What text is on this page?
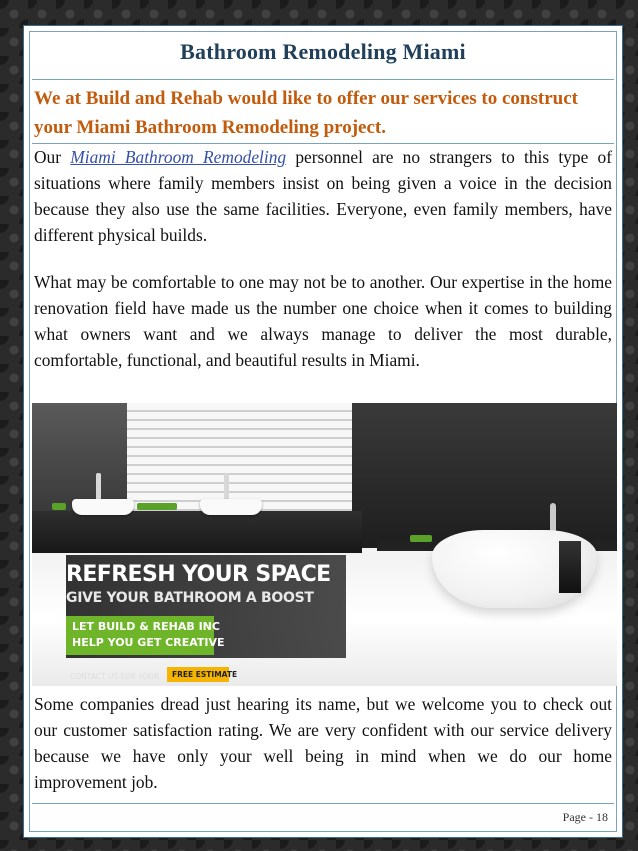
Bathroom Remodeling Miami

We at Build and Rehab would like to offer our services to construct your Miami Bathroom Remodeling project.

Our Miami Bathroom Remodeling personnel are no strangers to this type of situations where family members insist on being given a voice in the decision because they also use the same facilities. Everyone, even family members, have different physical builds.

What may be comfortable to one may not be to another. Our expertise in the home renovation field have made us the number one choice when it comes to building what owners want and we always manage to deliver the most durable, comfortable, functional, and beautiful results in Miami.

REFRESH YOUR SPACE
GIVE YOUR BATHROOM A BOOST
LET BUILD & REHAB INC
HELP YOU GET CREATIVE
CONTACT US FOR YOUR FREE ESTIMATE

Some companies dread just hearing its name, but we welcome you to check out our customer satisfaction rating. We are very confident with our service delivery because we have only your well being in mind when we do our home improvement job.

Page - 18
